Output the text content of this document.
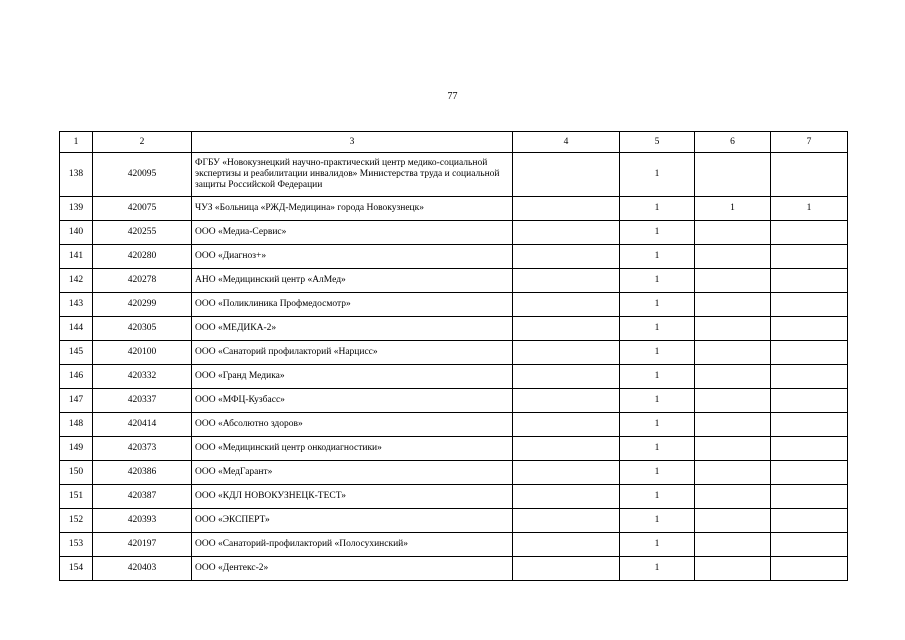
77
1	2	3	4	5	6	7
138	420095	ФГБУ «Новокузнецкий научно-практический центр медико-социальной экспертизы и реабилитации инвалидов» Министерства труда и социальной защиты Российской Федерации		1		
139	420075	ЧУЗ «Больница «РЖД-Медицина» города Новокузнецк»		1	1	1
140	420255	ООО «Медиа-Сервис»		1		
141	420280	ООО «Диагноз+»		1		
142	420278	АНО «Медицинский центр «АлМед»		1		
143	420299	ООО «Поликлиника Профмедосмотр»		1		
144	420305	ООО «МЕДИКА-2»		1		
145	420100	ООО «Санаторий профилакторий «Нарцисс»		1		
146	420332	ООО «Гранд Медика»		1		
147	420337	ООО «МФЦ-Кузбасс»		1		
148	420414	ООО «Абсолютно здоров»		1		
149	420373	ООО «Медицинский центр онкодиагностики»		1		
150	420386	ООО «МедГарант»		1		
151	420387	ООО «КДЛ НОВОКУЗНЕЦК-ТЕСТ»		1		
152	420393	ООО «ЭКСПЕРТ»		1		
153	420197	ООО «Санаторий-профилакторий «Полосухинский»		1		
154	420403	ООО «Дентекс-2»		1		
